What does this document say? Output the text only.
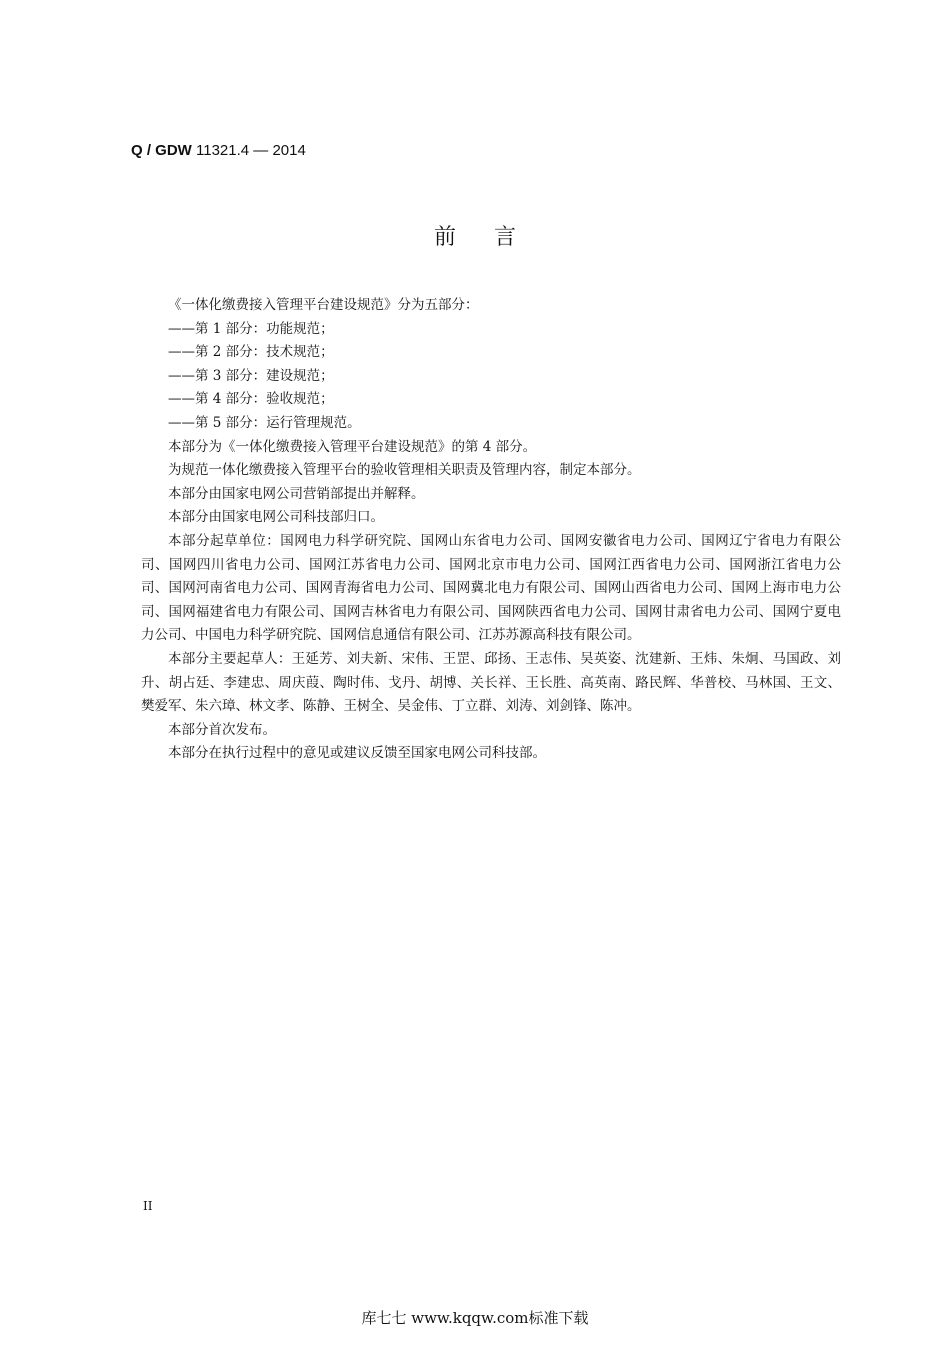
Q / GDW 11321.4 — 2014
前言

《一体化缴费接入管理平台建设规范》分为五部分：

——第 1 部分：功能规范；

——第 2 部分：技术规范；

——第 3 部分：建设规范；

——第 4 部分：验收规范；

——第 5 部分：运行管理规范。

本部分为《一体化缴费接入管理平台建设规范》的第 4 部分。

为规范一体化缴费接入管理平台的验收管理相关职责及管理内容，制定本部分。

本部分由国家电网公司营销部提出并解释。

本部分由国家电网公司科技部归口。

本部分起草单位：国网电力科学研究院、国网山东省电力公司、国网安徽省电力公司、国网辽宁省电力有限公司、国网四川省电力公司、国网江苏省电力公司、国网北京市电力公司、国网江西省电力公司、国网浙江省电力公司、国网河南省电力公司、国网青海省电力公司、国网冀北电力有限公司、国网山西省电力公司、国网上海市电力公司、国网福建省电力有限公司、国网吉林省电力有限公司、国网陕西省电力公司、国网甘肃省电力公司、国网宁夏电力公司、中国电力科学研究院、国网信息通信有限公司、江苏苏源高科技有限公司。

本部分主要起草人：王延芳、刘夫新、宋伟、王罡、邱扬、王志伟、吴英姿、沈建新、王炜、朱炯、马国政、刘升、胡占廷、李建忠、周庆葭、陶时伟、戈丹、胡博、关长祥、王长胜、高英南、路民辉、华普校、马林国、王文、樊爱军、朱六璋、林文孝、陈静、王树全、吴金伟、丁立群、刘涛、刘剑锋、陈冲。

本部分首次发布。

本部分在执行过程中的意见或建议反馈至国家电网公司科技部。

II
库七七 www.kqqw.com标准下载
